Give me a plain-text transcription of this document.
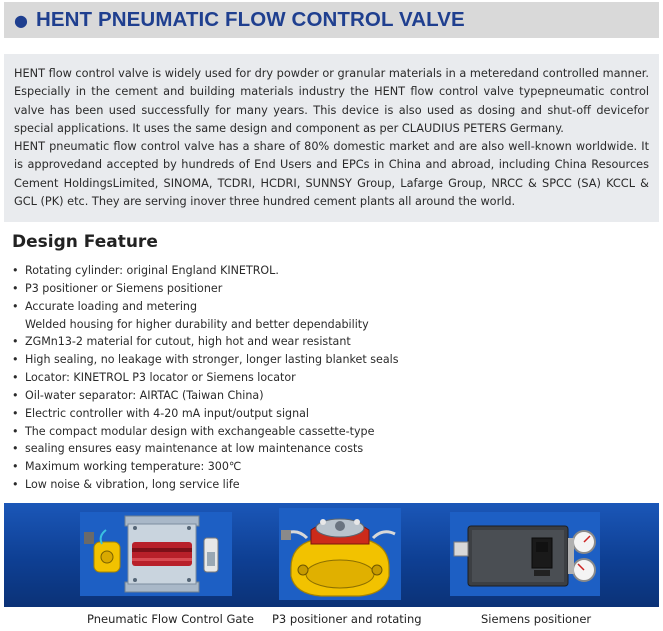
● HENT PNEUMATIC FLOW CONTROL VALVE

HENT flow control valve is widely used for dry powder or granular materials in a meteredand controlled manner. Especially in the cement and building materials industry the HENT flow control valve typepneumatic control valve has been used successfully for many years. This device is also used as dosing and shut-off devicefor special applications. It uses the same design and component as per CLAUDIUS PETERS Germany.

HENT pneumatic flow control valve has a share of 80% domestic market and are also well-known worldwide. It is approvedand accepted by hundreds of End Users and EPCs in China and abroad, including China Resources Cement HoldingsLimited, SINOMA, TCDRI, HCDRI, SUNNSY Group, Lafarge Group, NRCC & SPCC (SA) KCCL & GCL (PK) etc. They are serving inover three hundred cement plants all around the world.

Design Feature
• Rotating cylinder: original England KINETROL.
• P3 positioner or Siemens positioner
• Accurate loading and metering
Welded housing for higher durability and better dependability
• ZGMn13-2 material for cutout, high hot and wear resistant
• High sealing, no leakage with stronger, longer lasting blanket seals
• Locator: KINETROL P3 locator or Siemens locator
• Oil-water separator: AIRTAC (Taiwan China)
• Electric controller with 4-20 mA input/output signal
• The compact modular design with exchangeable cassette-type
• sealing ensures easy maintenance at low maintenance costs
• Maximum working temperature: 300℃
• Low noise & vibration, long service life
Pneumatic Flow Control Gate P3 positioner and rotating	Siemens positioner
